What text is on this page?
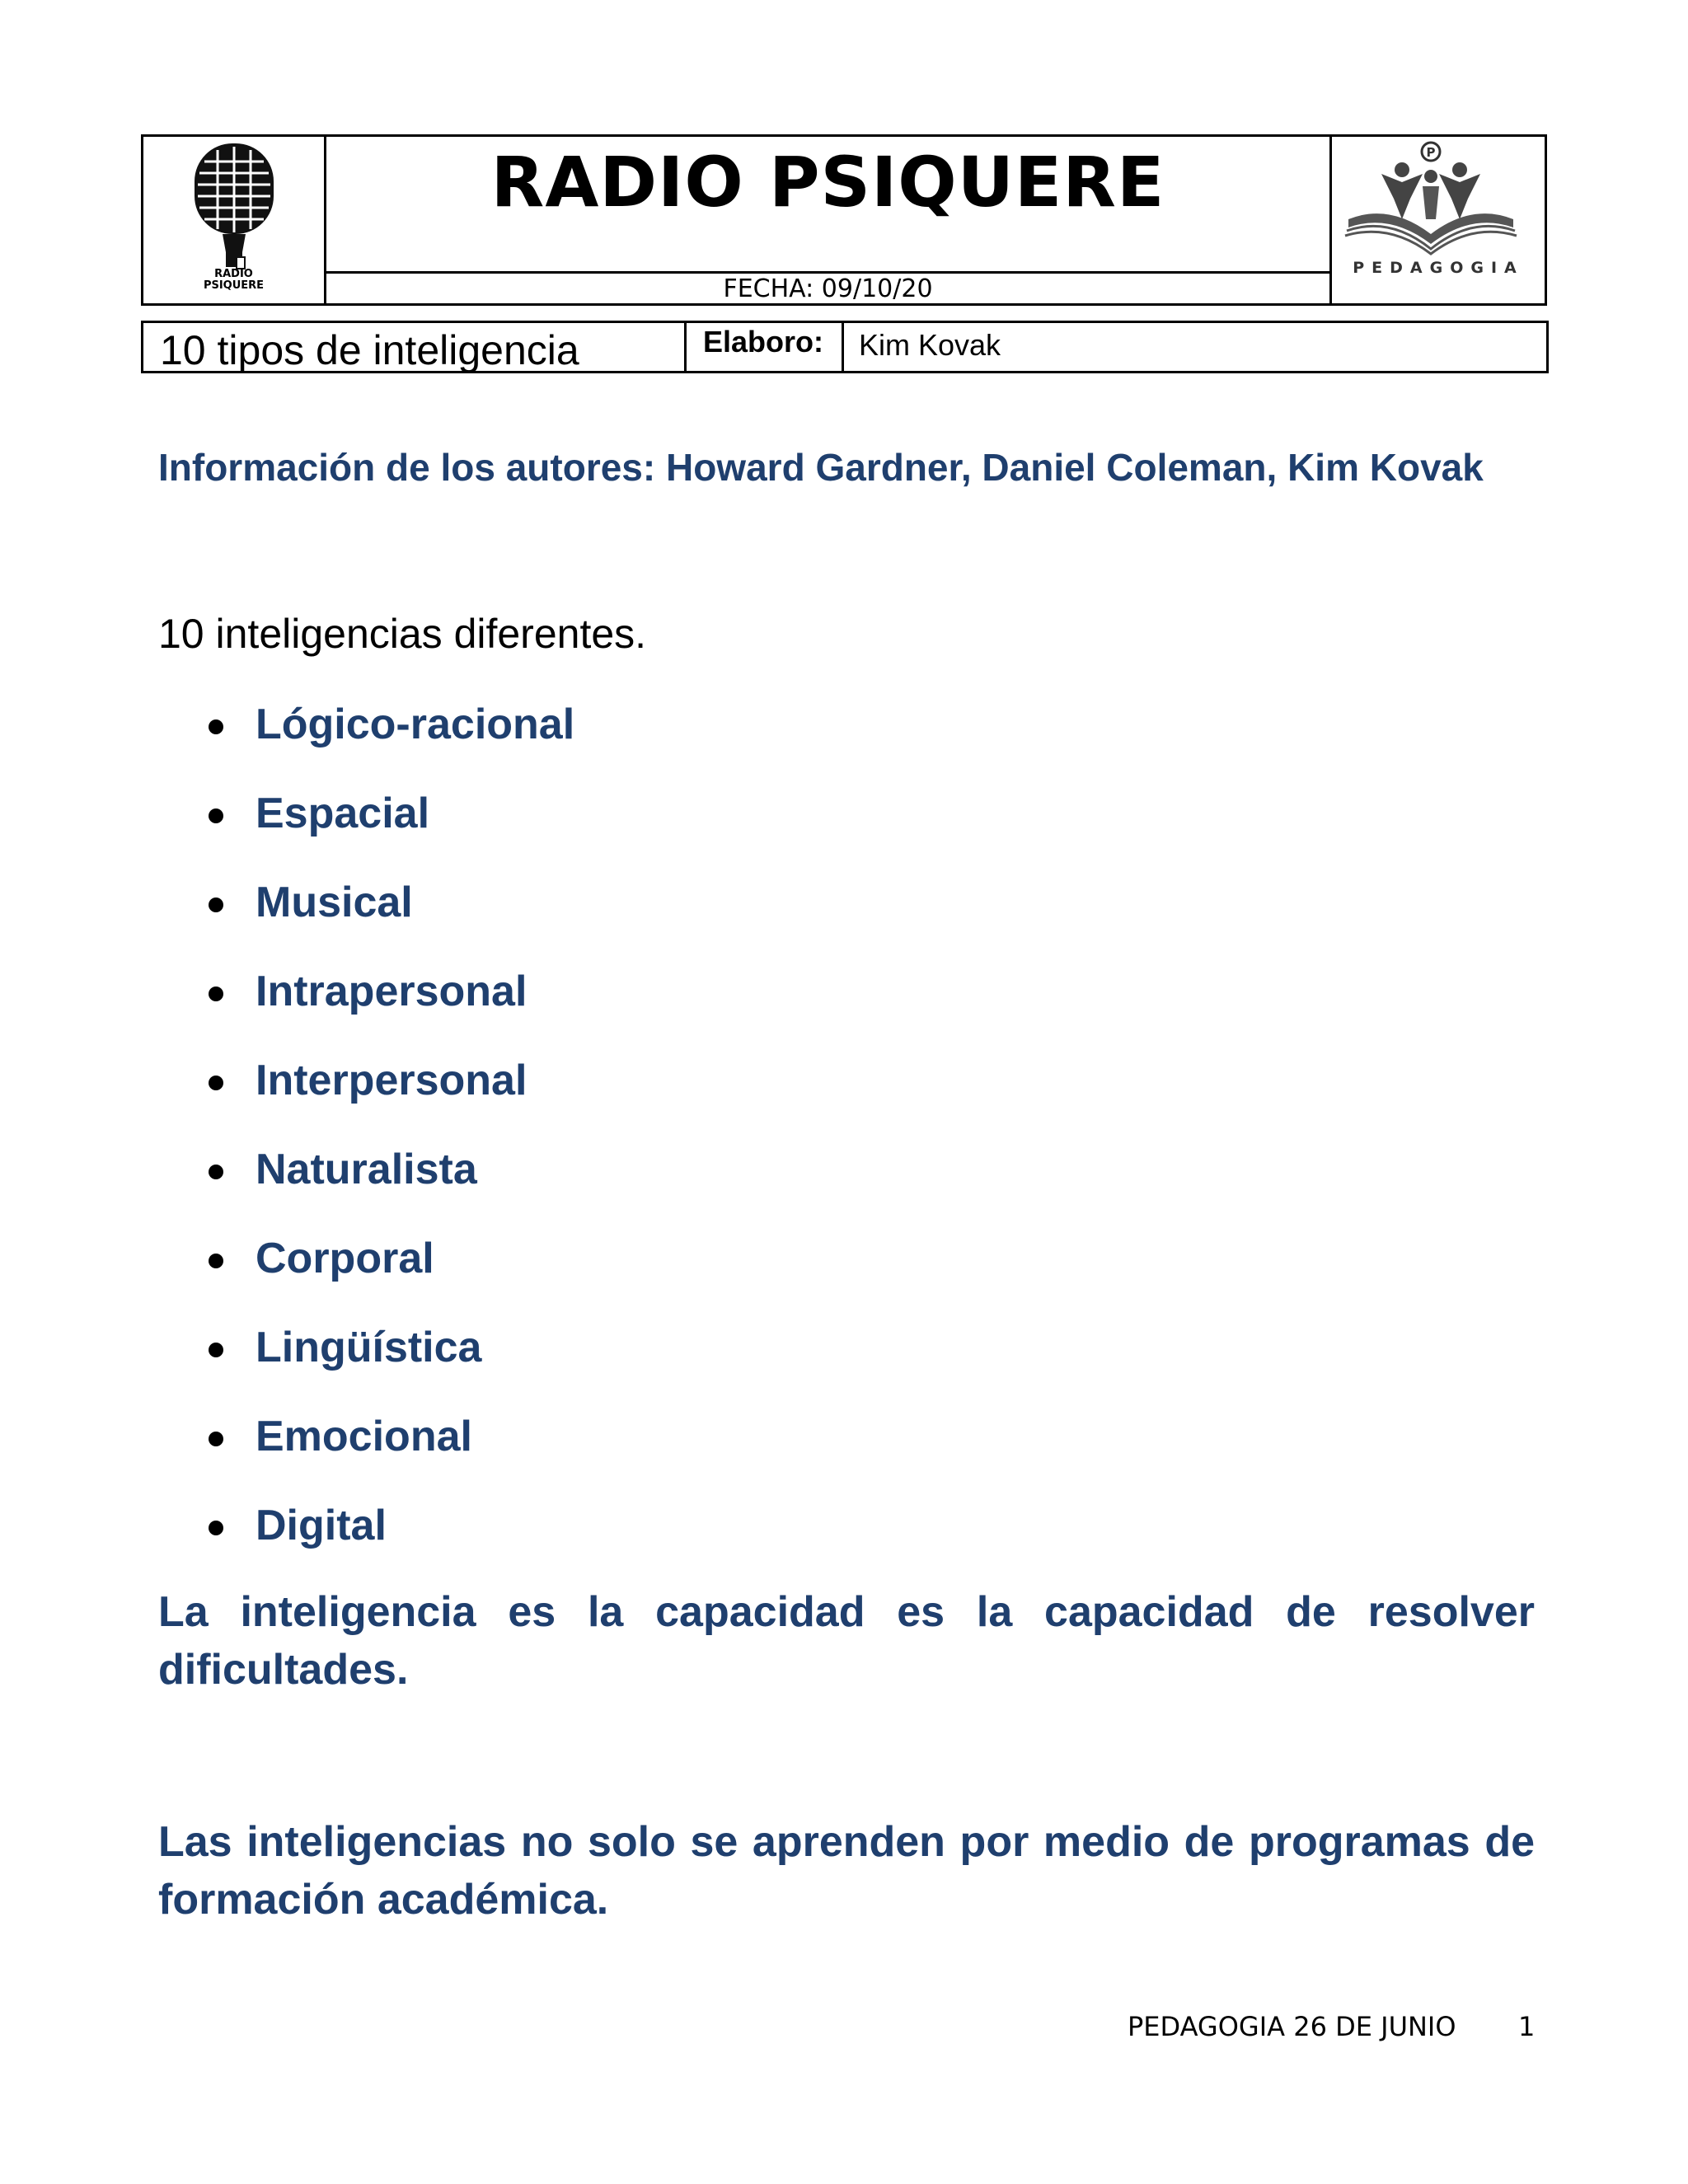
RADIO
PSIQUERE
RADIO PSIQUERE
FECHA: 09/10/20
P
PEDAGOGIA
10 tipos de inteligencia	Elaboro: Kim Kovak
Información de los autores: Howard Gardner, Daniel Coleman, Kim Kovak
10 inteligencias diferentes.
Lógico-racional
Espacial
Musical
Intrapersonal
Interpersonal
Naturalista
Corporal
Lingüística
Emocional
Digital
La inteligencia es la capacidad es la capacidad de resolver dificultades.
Las inteligencias no solo se aprenden por medio de programas de formación académica.
PEDAGOGIA 26 DE JUNIO 1
